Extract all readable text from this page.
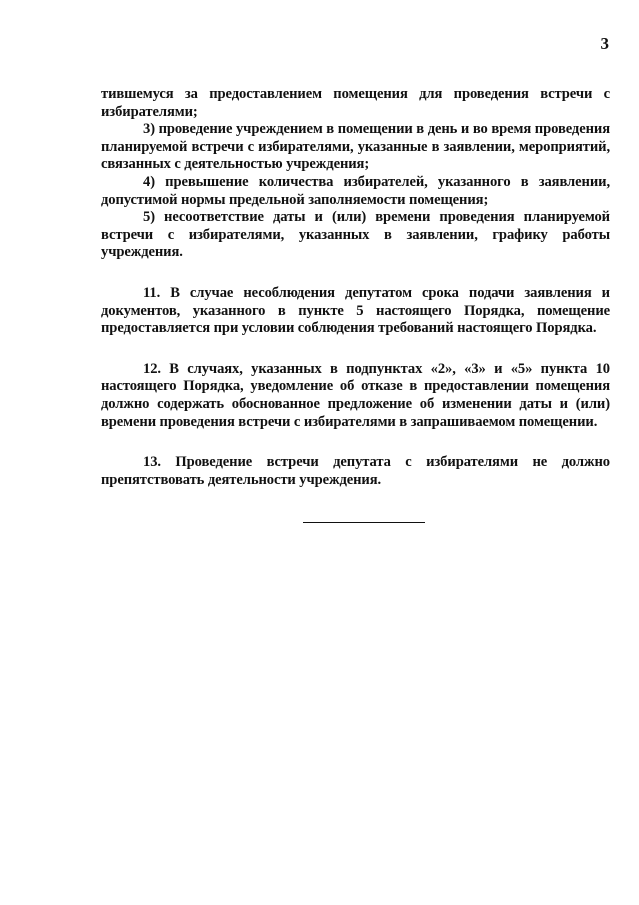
3

тившемуся за предоставлением помещения для проведения встречи с избирателями;

3) проведение учреждением в помещении в день и во время проведения планируемой встречи с избирателями, указанные в заявлении, мероприятий, связанных с деятельностью учреждения;

4) превышение количества избирателей, указанного в заявлении, допустимой нормы предельной заполняемости помещения;

5) несоответствие даты и (или) времени проведения планируемой встречи с избирателями, указанных в заявлении, графику работы учреждения.

11. В случае несоблюдения депутатом срока подачи заявления и документов, указанного в пункте 5 настоящего Порядка, помещение предоставляется при условии соблюдения требований настоящего Порядка.

12. В случаях, указанных в подпунктах «2», «3» и «5» пункта 10 настоящего Порядка, уведомление об отказе в предоставлении помещения должно содержать обоснованное предложение об изменении даты и (или) времени проведения встречи с избирателями в запрашиваемом помещении.

13. Проведение встречи депутата с избирателями не должно препятствовать деятельности учреждения.
